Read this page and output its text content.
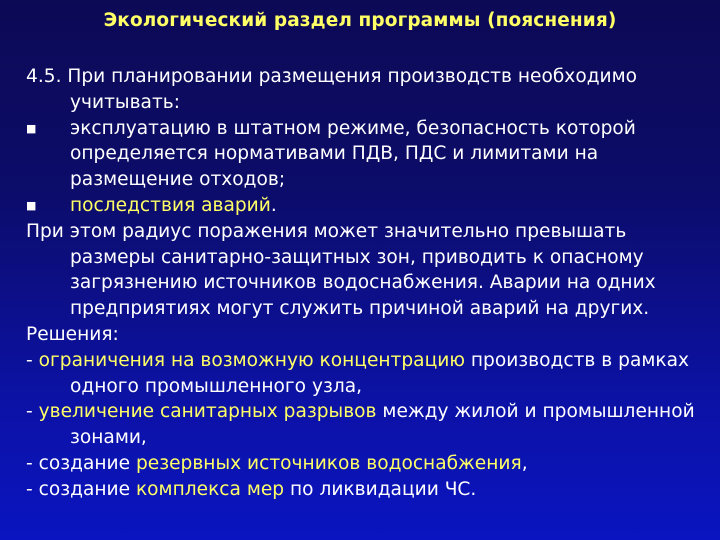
Экологический раздел программы (пояснения)

4.5. При планировании размещения производств необходимо учитывать:

■ эксплуатацию в штатном режиме, безопасность которой определяется нормативами ПДВ, ПДС и лимитами на размещение отходов;

■ последствия аварий.

При этом радиус поражения может значительно превышать размеры санитарно-защитных зон, приводить к опасному загрязнению источников водоснабжения. Аварии на одних предприятиях могут служить причиной аварий на других.

Решения:

- ограничения на возможную концентрацию производств в рамках одного промышленного узла,

- увеличение санитарных разрывов между жилой и промышленной зонами,

- создание резервных источников водоснабжения,

- создание комплекса мер по ликвидации ЧС.
